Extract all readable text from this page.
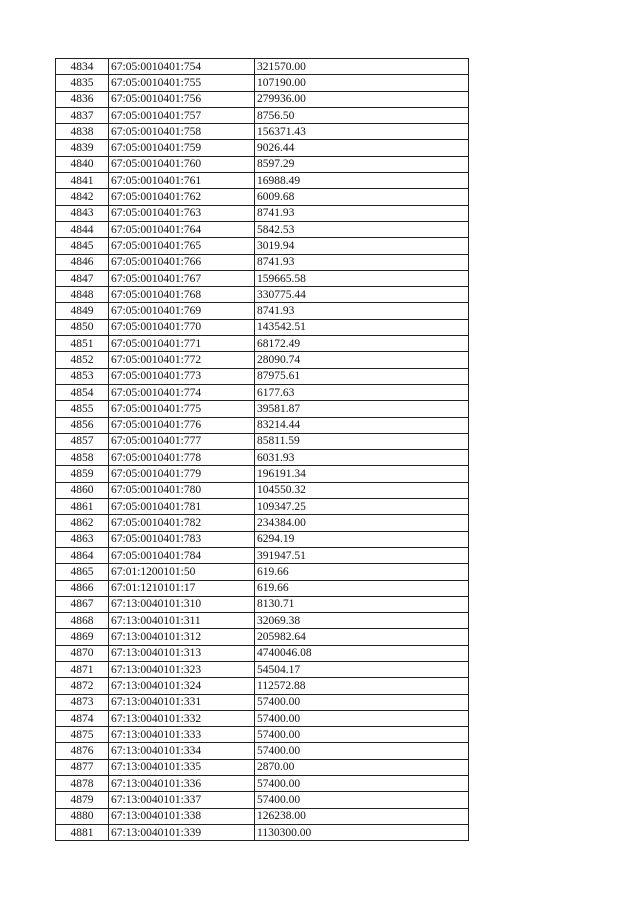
4834	67:05:0010401:754	321570.00
4835	67:05:0010401:755	107190.00
4836	67:05:0010401:756	279936.00
4837	67:05:0010401:757	8756.50
4838	67:05:0010401:758	156371.43
4839	67:05:0010401:759	9026.44
4840	67:05:0010401:760	8597.29
4841	67:05:0010401:761	16988.49
4842	67:05:0010401:762	6009.68
4843	67:05:0010401:763	8741.93
4844	67:05:0010401:764	5842.53
4845	67:05:0010401:765	3019.94
4846	67:05:0010401:766	8741.93
4847	67:05:0010401:767	159665.58
4848	67:05:0010401:768	330775.44
4849	67:05:0010401:769	8741.93
4850	67:05:0010401:770	143542.51
4851	67:05:0010401:771	68172.49
4852	67:05:0010401:772	28090.74
4853	67:05:0010401:773	87975.61
4854	67:05:0010401:774	6177.63
4855	67:05:0010401:775	39581.87
4856	67:05:0010401:776	83214.44
4857	67:05:0010401:777	85811.59
4858	67:05:0010401:778	6031.93
4859	67:05:0010401:779	196191.34
4860	67:05:0010401:780	104550.32
4861	67:05:0010401:781	109347.25
4862	67:05:0010401:782	234384.00
4863	67:05:0010401:783	6294.19
4864	67:05:0010401:784	391947.51
4865	67:01:1200101:50	619.66
4866	67:01:1210101:17	619.66
4867	67:13:0040101:310	8130.71
4868	67:13:0040101:311	32069.38
4869	67:13:0040101:312	205982.64
4870	67:13:0040101:313	4740046.08
4871	67:13:0040101:323	54504.17
4872	67:13:0040101:324	112572.88
4873	67:13:0040101:331	57400.00
4874	67:13:0040101:332	57400.00
4875	67:13:0040101:333	57400.00
4876	67:13:0040101:334	57400.00
4877	67:13:0040101:335	2870.00
4878	67:13:0040101:336	57400.00
4879	67:13:0040101:337	57400.00
4880	67:13:0040101:338	126238.00
4881	67:13:0040101:339	1130300.00
